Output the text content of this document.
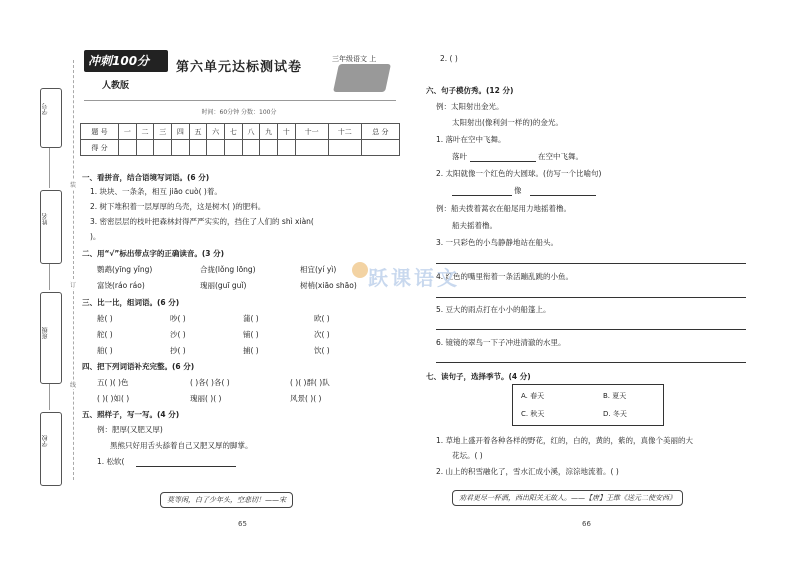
学号
姓名
班级
学校
装
订
线
冲刺100分
人教版
第六单元达标测试卷
三年级语文 上
时间：60分钟 分数：100分
题 号	一	二	三	四	五	六	七	八	九	十	十一	十二	总 分
得 分													
一、看拼音，结合语境写词语。(6 分)
1. 块块、一条条，相互 jiāo cuò( )着。
2. 树下堆积着一层厚厚的乌壳，这是树木( )的肥料。
3. 密密层层的枝叶把森林封得严严实实的，挡住了人们的 shì xiàn(
)。
二、用“√”标出带点字的正确读音。(3 分)
鹦鹉(yīng yǐng)	合拢(lǒng lōng)	相宜(yí yì)
富饶(ráo ráo)	瑰丽(guī guǐ)	树梢(xiāo shāo)
三、比一比，组词语。(6 分)
舱( )	吵( )	蒲( )	欧( )
舵( )	沙( )	铺( )	次( )
舶( )	抄( )	捕( )	饮( )
四、把下列词语补充完整。(6 分)
五( )( )色	( )各( )各( )	( )( )群( )队
( )( )如( )	瑰丽( )( )	风景( )( )
五、照样子，写一写。(4 分)
例：肥厚(又肥又厚)
黑熊只好用舌头舔着自己又肥又厚的脚掌。
1. 松软(
莫等闲，白了少年头，空悲切！——宋
65
2. ( )
六、句子模仿秀。(12 分)
例：太阳射出金光。
太阳射出(像利剑一样的)的金光。
1. 落叶在空中飞舞。
落叶	在空中飞舞。
2. 太阳就像一个红色的大圆球。(仿写一个比喻句)
像
例：船夫拨着蒿衣在船尾用力地摇着橹。
船夫摇着橹。
3. 一只彩色的小鸟静静地站在船头。
4. 红色的嘴里衔着一条活蹦乱跳的小鱼。
5. 豆大的雨点打在小小的船篷上。
6. 镜镜的翠鸟一下子冲进清澈的水里。
七、读句子，选择季节。(4 分)
A. 春天	B. 夏天
C. 秋天	D. 冬天
1. 草地上盛开着各种各样的野花，红的，白的，黄的，紫的，真像个美丽的大
花坛。( )
2. 山上的积雪融化了，雪水汇成小溪，淙淙地流着。( )
劝君更尽一杯酒，西出阳关无故人。——【唐】王维《送元二使安西》
66
跃课语文
